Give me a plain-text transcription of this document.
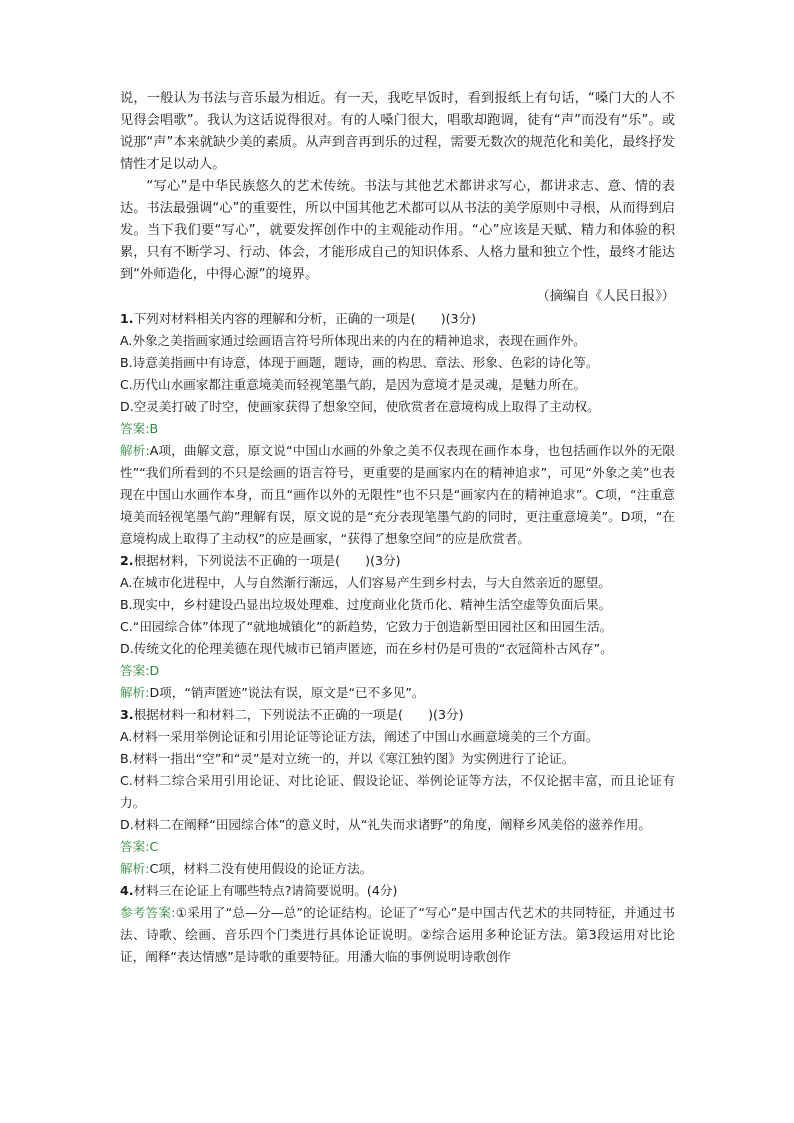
说，一般认为书法与音乐最为相近。有一天，我吃早饭时，看到报纸上有句话，“嗓门大的人不见得会唱歌”。我认为这话说得很对。有的人嗓门很大，唱歌却跑调，徒有“声”而没有“乐”。或说那“声”本来就缺少美的素质。从声到音再到乐的过程，需要无数次的规范化和美化，最终抒发情性才足以动人。

“写心”是中华民族悠久的艺术传统。书法与其他艺术都讲求写心，都讲求志、意、情的表达。书法最强调“心”的重要性，所以中国其他艺术都可以从书法的美学原则中寻根，从而得到启发。当下我们要“写心”，就要发挥创作中的主观能动作用。“心”应该是天赋、精力和体验的积累，只有不断学习、行动、体会，才能形成自己的知识体系、人格力量和独立个性，最终才能达到“外师造化，中得心源”的境界。

（摘编自《人民日报》）

1.下列对材料相关内容的理解和分析，正确的一项是(　　)(3分)

A.外象之美指画家通过绘画语言符号所体现出来的内在的精神追求，表现在画作外。

B.诗意美指画中有诗意，体现于画题，题诗，画的构思、章法、形象、色彩的诗化等。

C.历代山水画家都注重意境美而轻视笔墨气韵，是因为意境才是灵魂，是魅力所在。

D.空灵美打破了时空，使画家获得了想象空间，使欣赏者在意境构成上取得了主动权。

答案:B

解析:A项，曲解文意，原文说“中国山水画的外象之美不仅表现在画作本身，也包括画作以外的无限性”“我们所看到的不只是绘画的语言符号，更重要的是画家内在的精神追求”，可见“外象之美”也表现在中国山水画作本身，而且“画作以外的无限性”也不只是“画家内在的精神追求”。C项，“注重意境美而轻视笔墨气韵”理解有误，原文说的是“充分表现笔墨气韵的同时，更注重意境美”。D项，“在意境构成上取得了主动权”的应是画家，“获得了想象空间”的应是欣赏者。

2.根据材料，下列说法不正确的一项是(　　)(3分)

A.在城市化进程中，人与自然渐行渐远，人们容易产生到乡村去，与大自然亲近的愿望。

B.现实中，乡村建设凸显出垃圾处理难、过度商业化货币化、精神生活空虚等负面后果。

C.“田园综合体”体现了“就地城镇化”的新趋势，它致力于创造新型田园社区和田园生活。

D.传统文化的伦理美德在现代城市已销声匿迹，而在乡村仍是可贵的“衣冠简朴古风存”。

答案:D

解析:D项，“销声匿迹”说法有误，原文是“已不多见”。

3.根据材料一和材料二，下列说法不正确的一项是(　　)(3分)

A.材料一采用举例论证和引用论证等论证方法，阐述了中国山水画意境美的三个方面。

B.材料一指出“空”和“灵”是对立统一的，并以《寒江独钓图》为实例进行了论证。

C.材料二综合采用引用论证、对比论证、假设论证、举例论证等方法，不仅论据丰富，而且论证有力。

D.材料二在阐释“田园综合体”的意义时，从“礼失而求诸野”的角度，阐释乡风美俗的滋养作用。

答案:C

解析:C项，材料二没有使用假设的论证方法。

4.材料三在论证上有哪些特点?请简要说明。(4分)

参考答案:①采用了“总—分—总”的论证结构。论证了“写心”是中国古代艺术的共同特征，并通过书法、诗歌、绘画、音乐四个门类进行具体论证说明。②综合运用多种论证方法。第3段运用对比论证，阐释“表达情感”是诗歌的重要特征。用潘大临的事例说明诗歌创作
